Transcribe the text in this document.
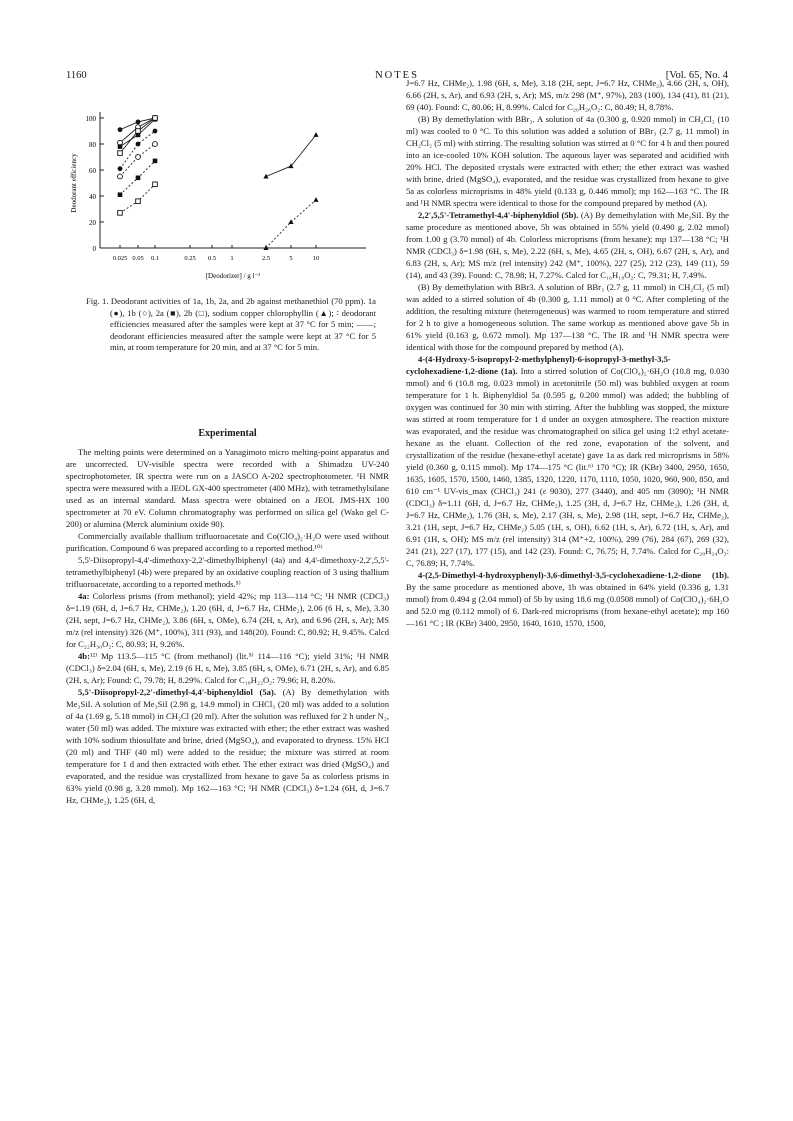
1160	NOTES	[Vol. 65, No. 4
0
20
40
60
80
100
0.025 0.05 0.1	0.25 0.5 1	2.5	5	10
[Deodorizer] / g l⁻¹
Deodorant efficiency

Fig. 1. Deodorant activities of 1a, 1b, 2a, and 2b against methanethiol (70 ppm). 1a (●), 1b (○), 2a (■), 2b (□), sodium copper chlorophyllin (▲); ∶ deodorant efficiencies measured after the samples were kept at 37 °C for 5 min; ——; deodorant efficiencies measured after the sample were kept at 37 °C for 5 min, at room temperature for 20 min, and at 37 °C for 5 min.

Experimental

The melting points were determined on a Yanagimoto micro melting-point apparatus and are uncorrected. UV-visible spectra were recorded with a Shimadzu UV-240 spectrophotometer. IR spectra were run on a JASCO A-202 spectrophotometer. ¹H NMR spectra were measured with a JEOL GX-400 spectrometer (400 MHz), with tetramethylsilane used as an internal standard. Mass spectra were obtained on a JEOL JMS-HX 100 spectrometer at 70 eV. Column chromatography was performed on silica gel (Wako gel C-200) or alumina (Merck aluminium oxide 90).

Commercially available thallium trifluoroacetate and Co(ClO₄)₂·H₂O were used without purification. Compound 6 was prepared according to a reported method.¹⁰⁾

5,5'-Diisopropyl-4,4'-dimethoxy-2,2'-dimethylbiphenyl (4a) and 4,4'-dimethoxy-2,2',5,5'-tetramethylbiphenyl (4b) were prepared by an oxidative coupling reaction of 3 using thallium trifluoroacetate, according to a reported methods.⁵⁾

4a: Colorless prisms (from methanol); yield 42%; mp 113—114 °C; ¹H NMR (CDCl₃) δ=1.19 (6H, d, J=6.7 Hz, CHMe₂), 1.20 (6H, d, J=6.7 Hz, CHMe₂), 2.06 (6 H, s, Me), 3.30 (2H, sept, J=6.7 Hz, CHMe₂), 3.86 (6H, s, OMe), 6.74 (2H, s, Ar), and 6.96 (2H, s, Ar); MS m/z (rel intensity) 326 (M⁺, 100%), 311 (93), and 148(20). Found: C, 80.92; H, 9.45%. Calcd for C₂₂H₃₀O₂: C, 80.93; H, 9.26%.

4b:¹²⁾ Mp 113.5—115 °C (from methanol) (lit.⁵⁾ 114—116 °C); yield 31%; ¹H NMR (CDCl₃) δ=2.04 (6H, s, Me), 2.19 (6 H, s, Me), 3.85 (6H, s, OMe), 6.71 (2H, s, Ar), and 6.85 (2H, s, Ar); Found: C, 79.78; H, 8.29%. Calcd for C₁₈H₂₂O₂: 79.96; H, 8.20%.

5,5'-Diisopropyl-2,2'-dimethyl-4,4'-biphenyldiol (5a). (A) By demethylation with Me₃SiI. A solution of Me₃SiI (2.98 g, 14.9 mmol) in CHCl₃ (20 ml) was added to a solution of 4a (1.69 g, 5.18 mmol) in CH₂Cl (20 ml). After the solution was refluxed for 2 h under N₂, water (50 ml) was added. The mixture was extracted with ether; the ether extract was washed with 10% sodium thiosulfate and brine, dried (MgSO₄), and evaporated to dryness. 15% HCl (20 ml) and THF (40 ml) were added to the residue; the mixture was stirred at room temperature for 1 d and then extracted with ether. The ether extract was dried (MgSO₄) and evaporated, and the residue was crystallized from hexane to gave 5a as colorless prisms in 63% yield (0.98 g, 3.28 mmol). Mp 162—163 °C; ¹H NMR (CDCl₃) δ=1.24 (6H, d, J=6.7 Hz, CHMe₂), 1.25 (6H, d,

J=6.7 Hz, CHMe₂), 1.98 (6H, s, Me), 3.18 (2H, sept, J=6.7 Hz, CHMe₂), 4.66 (2H, s, OH), 6.66 (2H, s, Ar), and 6.93 (2H, s, Ar); MS, m/z 298 (M⁺, 97%), 283 (100), 134 (41), 81 (21), 69 (40). Found: C, 80.06; H, 8.99%. Calcd for C₂₀H₂₆O₂: C, 80.49; H, 8.78%.

(B) By demethylation with BBr₃. A solution of 4a (0.300 g, 0.920 mmol) in CH₂Cl₂ (10 ml) was cooled to 0 °C. To this solution was added a solution of BBr₃ (2.7 g, 11 mmol) in CH₂Cl₂ (5 ml) with stirring. The resulting solution was stirred at 0 °C for 4 h and then poured into an ice-cooled 10% KOH solution. The aqueous layer was separated and acidified with 20% HCl. The deposited crystals were extracted with ether; the ether extract was washed with brine, dried (MgSO₄), evaporated, and the residue was crystallized from hexane to give 5a as colorless microprisms in 48% yield (0.133 g, 0.446 mmol); mp 162—163 °C. The IR and ¹H NMR spectra were identical to those for the compound prepared by method (A).

2,2',5,5'-Tetramethyl-4,4'-biphenyldiol (5b). (A) By demethylation with Me₃SiI. By the same procedure as mentioned above, 5b was obtained in 55% yield (0.490 g, 2.02 mmol) from 1.00 g (3.70 mmol) of 4b. Colorless microprisms (from hexane): mp 137—138 °C; ¹H NMR (CDCl₃) δ=1.98 (6H, s, Me), 2.22 (6H, s, Me), 4.65 (2H, s, OH), 6.67 (2H, s, Ar), and 6.83 (2H, s, Ar); MS m/z (rel intensity) 242 (M⁺, 100%), 227 (25), 212 (23), 149 (11), 59 (14), and 43 (39). Found: C, 78.98; H, 7.27%. Calcd for C₁₆H₁₈O₂: C, 79.31; H, 7.49%.

(B) By demethylation with BBr3. A solution of BBr₃ (2.7 g, 11 mmol) in CH₂Cl₂ (5 ml) was added to a stirred solution of 4b (0.300 g, 1.11 mmol) at 0 °C. After completing of the addition, the resulting mixture (heterogeneous) was warmed to room temperature and stirred for 2 h to give a homogeneous solution. The same workup as mentioned above gave 5b in 61% yield (0.163 g, 0.672 mmol). Mp 137—138 °C. The IR and ¹H NMR spectra were identical with those for the compound prepared by method (A).

4-(4-Hydroxy-5-isopropyl-2-methylphenyl)-6-isopropyl-3-methyl-3,5-cyclohexadiene-1,2-dione (1a). Into a stirred solution of Co(ClO₄)₂·6H₂O (10.8 mg, 0.030 mmol) and 6 (10.8 mg, 0.023 mmol) in acetonitrile (50 ml) was bubbled oxygen at room temperature for 1 h. Biphenyldiol 5a (0.595 g, 0.200 mmol) was added; the bubbling of oxygen was continued for 30 min with stirring. After the bubbling was stopped, the mixture was stirred at room temperature for 1 d under an oxygen atmosphere. The reaction mixture was evaporated, and the residue was chromatographed on silica gel using 1:2 ethyl acetate-hexane as the eluant. Collection of the red zone, evaporation of the solvent, and crystallization of the residue (hexane-ethyl acetate) gave 1a as dark red microprisms in 58% yield (0.360 g, 0.115 mmol). Mp 174—175 °C (lit.⁶⁾ 170 °C); IR (KBr) 3400, 2950, 1650, 1635, 1605, 1570, 1500, 1460, 1385, 1320, 1220, 1170, 1110, 1050, 1020, 960, 900, 850, and 610 cm⁻¹ UV-vis_max (CHCl₃) 241 (ε 9030), 277 (3440), and 405 nm (3090); ¹H NMR (CDCl₃) δ=1.11 (6H, d, J=6.7 Hz, CHMe₂), 1.25 (3H, d, J=6.7 Hz, CHMe₂), 1.26 (3H, d, J=6.7 Hz, CHMe₂), 1.76 (3H, s, Me), 2.17 (3H, s, Me), 2.98 (1H, sept, J=6.7 Hz, CHMe₂), 3.21 (1H, sept, J=6.7 Hz, CHMe₂) 5.05 (1H, s, OH), 6.62 (1H, s, Ar), 6.72 (1H, s, Ar), and 6.91 (1H, s, OH); MS m/z (rel intensity) 314 (M⁺+2, 100%), 299 (76), 284 (67), 269 (32), 241 (21), 227 (17), 177 (15), and 142 (23). Found: C, 76.75; H, 7.74%. Calcd for C₂₀H₂₄O₃: C, 76.89; H, 7.74%.

4-(2,5-Dimethyl-4-hydroxyphenyl)-3,6-dimethyl-3,5-cyclohexadiene-1,2-dione (1b). By the same procedure as mentioned above, 1b was obtained in 64% yield (0.336 g, 1.31 mmol) from 0.494 g (2.04 mmol) of 5b by using 18.6 mg (0.0508 mmol) of Co(ClO₄)₂·6H₂O and 52.0 mg (0.112 mmol) of 6. Dark-red microprisms (from hexane-ethyl acetate); mp 160—161 °C ; IR (KBr) 3400, 2950, 1640, 1610, 1570, 1500,
